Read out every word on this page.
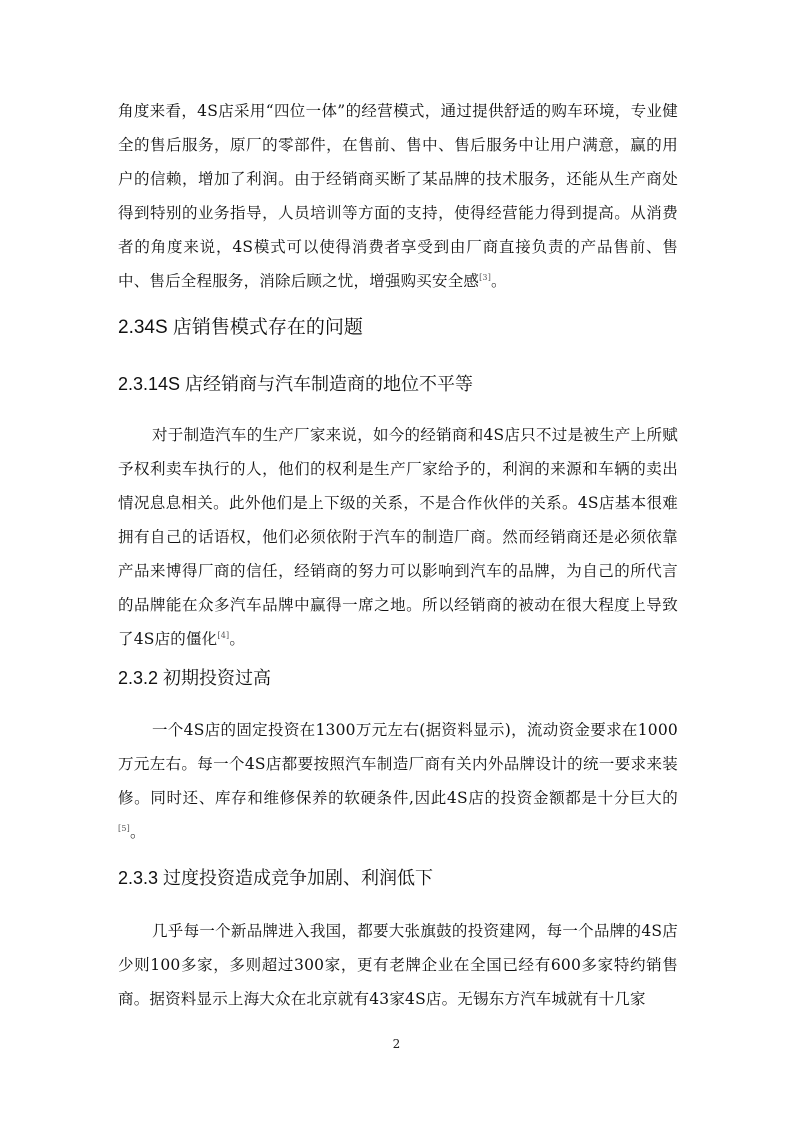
角度来看，4S店采用“四位一体”的经营模式，通过提供舒适的购车环境，专业健全的售后服务，原厂的零部件，在售前、售中、售后服务中让用户满意，赢的用户的信赖，增加了利润。由于经销商买断了某品牌的技术服务，还能从生产商处得到特别的业务指导，人员培训等方面的支持，使得经营能力得到提高。从消费者的角度来说，4S模式可以使得消费者享受到由厂商直接负责的产品售前、售中、售后全程服务，消除后顾之忧，增强购买安全感[3]。

2.34S 店销售模式存在的问题
2.3.14S 店经销商与汽车制造商的地位不平等

对于制造汽车的生产厂家来说，如今的经销商和4S店只不过是被生产上所赋予权利卖车执行的人，他们的权利是生产厂家给予的，利润的来源和车辆的卖出情况息息相关。此外他们是上下级的关系，不是合作伙伴的关系。4S店基本很难拥有自己的话语权，他们必须依附于汽车的制造厂商。然而经销商还是必须依靠产品来博得厂商的信任，经销商的努力可以影响到汽车的品牌，为自己的所代言的品牌能在众多汽车品牌中赢得一席之地。所以经销商的被动在很大程度上导致了4S店的僵化[4]。

2.3.2 初期投资过高

一个4S店的固定投资在1300万元左右(据资料显示)，流动资金要求在1000万元左右。每一个4S店都要按照汽车制造厂商有关内外品牌设计的统一要求来装修。同时还、库存和维修保养的软硬条件,因此4S店的投资金额都是十分巨大的[5]。

2.3.3 过度投资造成竞争加剧、利润低下

几乎每一个新品牌进入我国，都要大张旗鼓的投资建网，每一个品牌的4S店少则100多家，多则超过300家，更有老牌企业在全国已经有600多家特约销售商。据资料显示上海大众在北京就有43家4S店。无锡东方汽车城就有十几家

2
